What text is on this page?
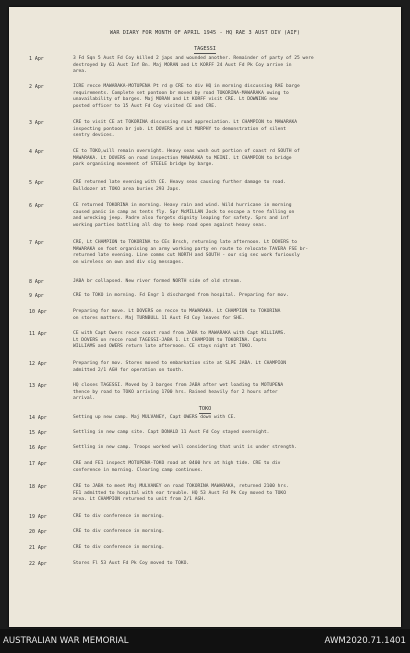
WAR DIARY FOR MONTH OF APRIL 1945 - HQ RAE 3 AUST DIV (AIF)
TAGESSI
1 Apr	3 Fd Sqn 5 Aust Fd Coy killed 2 japs and wounded another. Remainder of party of 25 were
destroyed by 61 Aust Inf Bn. Maj MORAN and Lt KORFF 24 Aust Fd Pk Coy arrive in
area.
2 Apr	ICRE recce MAWARAKA-MOTUPENA Pt rd @ CRE to div HQ in morning discussing RAE barge
requirements. Complete set pontoon br moved by road TOKORINA-MAWARAKA owing to
unavailability of barges. Maj MORAN and Lt KORFF visit CRE. Lt DOWNING new
posted officer to 15 Aust Fd Coy visited CE and CRE.
3 Apr	CRE to visit CE at TOKORINA discussing road appreciation. Lt CHAMPION to MAWARAKA
inspecting pontoon br job. Lt DOVERS and Lt MURPHY to demonstration of silent
sentry devices.
4 Apr	CE to TOKO,will remain overnight. Heavy seas wash out portion of coast rd SOUTH of
MAWARAKA. Lt DOVERS on road inspection MAWARAKA to MEINI. Lt CHAMPION to bridge
park organising movement of STEELE bridge by barge.
5 Apr	CRE returned late evening with CE. Heavy seas causing further damage to road.
Bulldozer at TOKO area buries 293 Japs.
6 Apr	CE returned TOKORINA in morning. Heavy rain and wind. Wild hurricane in morning
caused panic in camp as tents fly. Spr McMILLAN Jock to escape a tree falling on
and wrecking jeep. Padre also forgets dignity leaping for safety. Sprs and inf
working parties battling all day to keep road open against heavy seas.
7 Apr	CRE, Lt CHAMPION to TOKORINA to CEs Brsch, returning late afternoon. Lt DOVERS to
MAWARAKA on foot organising an army working party en route to relocate TAVERA FSE br-
returned late evening. Line comms cut NORTH and SOUTH - our sig sec work furiously
on wireless on own and div sig messages.
8 Apr	JABA br collapsed. New river formed NORTH side of old stream.
9 Apr	CRE to TOKO in morning. Fd Engr 1 discharged from hospital. Preparing for mov.
10 Apr	Preparing for move. Lt DOVERS on recce to MAWARAKA. Lt CHAMPION to TOKORINA
on stores matters. Maj TURNBULL 11 Aust Fd Coy leaves for SHE.
11 Apr	CE with Capt Owers recce coast road from JABA to MAWARAKA with Capt WILLIAMS.
Lt DOVERS on recce road TAGESSI-JABA 1. Lt CHAMPION to TOKORINA. Capts
WILLIAMS and OWERS return late afternoon. CE stays night at TOKO.
12 Apr	Preparing for mov. Stores moved to embarkation site at SLPE JABA. Lt CHAMPION
admitted 2/1 AGH for operation on tooth.
13 Apr	HQ closes TAGESSI. Moved by 3 barges from JABA after wet loading to MOTUPENA
thence by road to TOKO arriving 1700 hrs. Rained heavily for 2 hours after
arrival.
TOKO
14 Apr	Setting up new camp. Maj MULVANEY, Capt OWERS down with CE.
15 Apr	Settling in new camp site. Capt DONALD 11 Aust Fd Coy stayed overnight.
16 Apr	Settling in new camp. Troops worked well considering that unit is under strength.
17 Apr	CRE and FE1 inspect MOTUPENA-TOKO road at 0400 hrs at high tide. CRE to div
conference in morning. Clearing camp continues.
18 Apr	CRE to JABA to meet Maj MULVANEY on road TOKORINA MAWARAKA, returned 2100 hrs.
FE1 admitted to hospital with ear trouble. HQ 53 Aust Fd Pk Coy moved to TOKO
area. Lt CHAMPION returned to unit from 2/1 AGH.
19 Apr	CRE to div conference in morning.
20 Apr	CRE to div conference in morning.
21 Apr	CRE to div conference in morning.
22 Apr	Stores Fl 53 Aust Fd Pk Coy moved to TOKO.
AUSTRALIAN WAR MEMORIAL	AWM2020.71.1401
